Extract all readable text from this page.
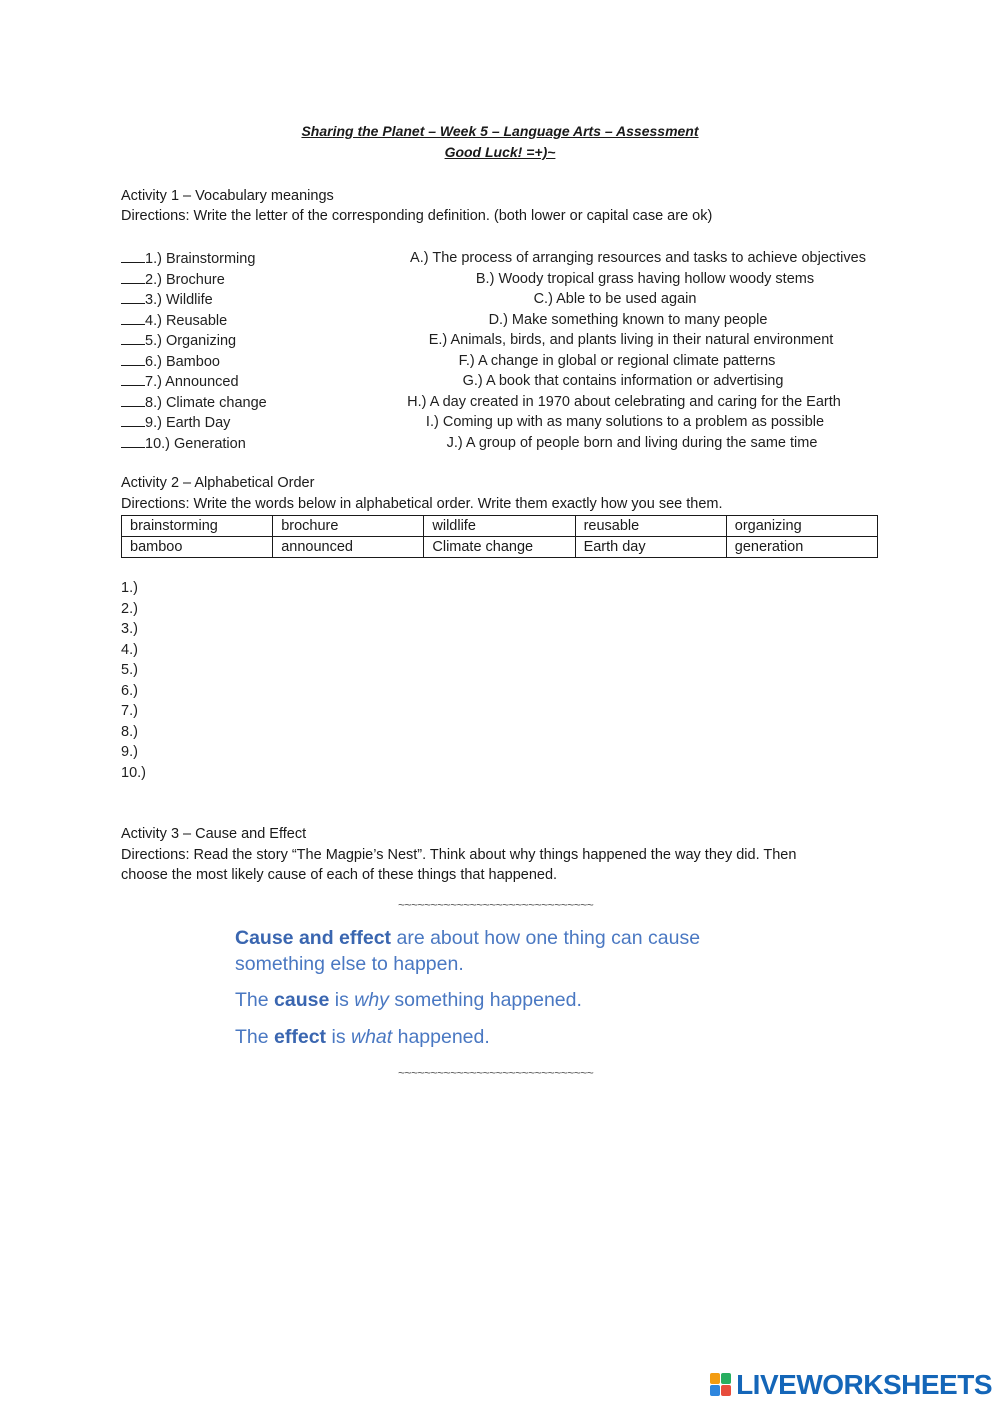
Sharing the Planet – Week 5 – Language Arts – Assessment
Good Luck! =+)~
Activity 1 – Vocabulary meanings
Directions: Write the letter of the corresponding definition. (both lower or capital case are ok)
1.) Brainstorming
2.) Brochure
3.) Wildlife
4.) Reusable
5.) Organizing
6.) Bamboo
7.) Announced
8.) Climate change
9.) Earth Day
10.) Generation
A.) The process of arranging resources and tasks to achieve objectives
B.) Woody tropical grass having hollow woody stems
C.) Able to be used again
D.) Make something known to many people
E.) Animals, birds, and plants living in their natural environment
F.) A change in global or regional climate patterns
G.) A book that contains information or advertising
H.) A day created in 1970 about celebrating and caring for the Earth
I.) Coming up with as many solutions to a problem as possible
J.) A group of people born and living during the same time
Activity 2 – Alphabetical Order
Directions: Write the words below in alphabetical order. Write them exactly how you see them.
brainstorming	brochure	wildlife	reusable	organizing
bamboo	announced	Climate change	Earth day	generation
1.)
2.)
3.)
4.)
5.)
6.)
7.)
8.)
9.)
10.)
Activity 3 – Cause and Effect
Directions: Read the story “The Magpie’s Nest”. Think about why things happened the way they did. Then
choose the most likely cause of each of these things that happened.
~~~~~~~~~~~~~~~~~~~~~~~~~~~~~~
Cause and effect are about how one thing can cause
something else to happen.
The cause is why something happened.
The effect is what happened.
~~~~~~~~~~~~~~~~~~~~~~~~~~~~~~
LIVEWORKSHEETS
